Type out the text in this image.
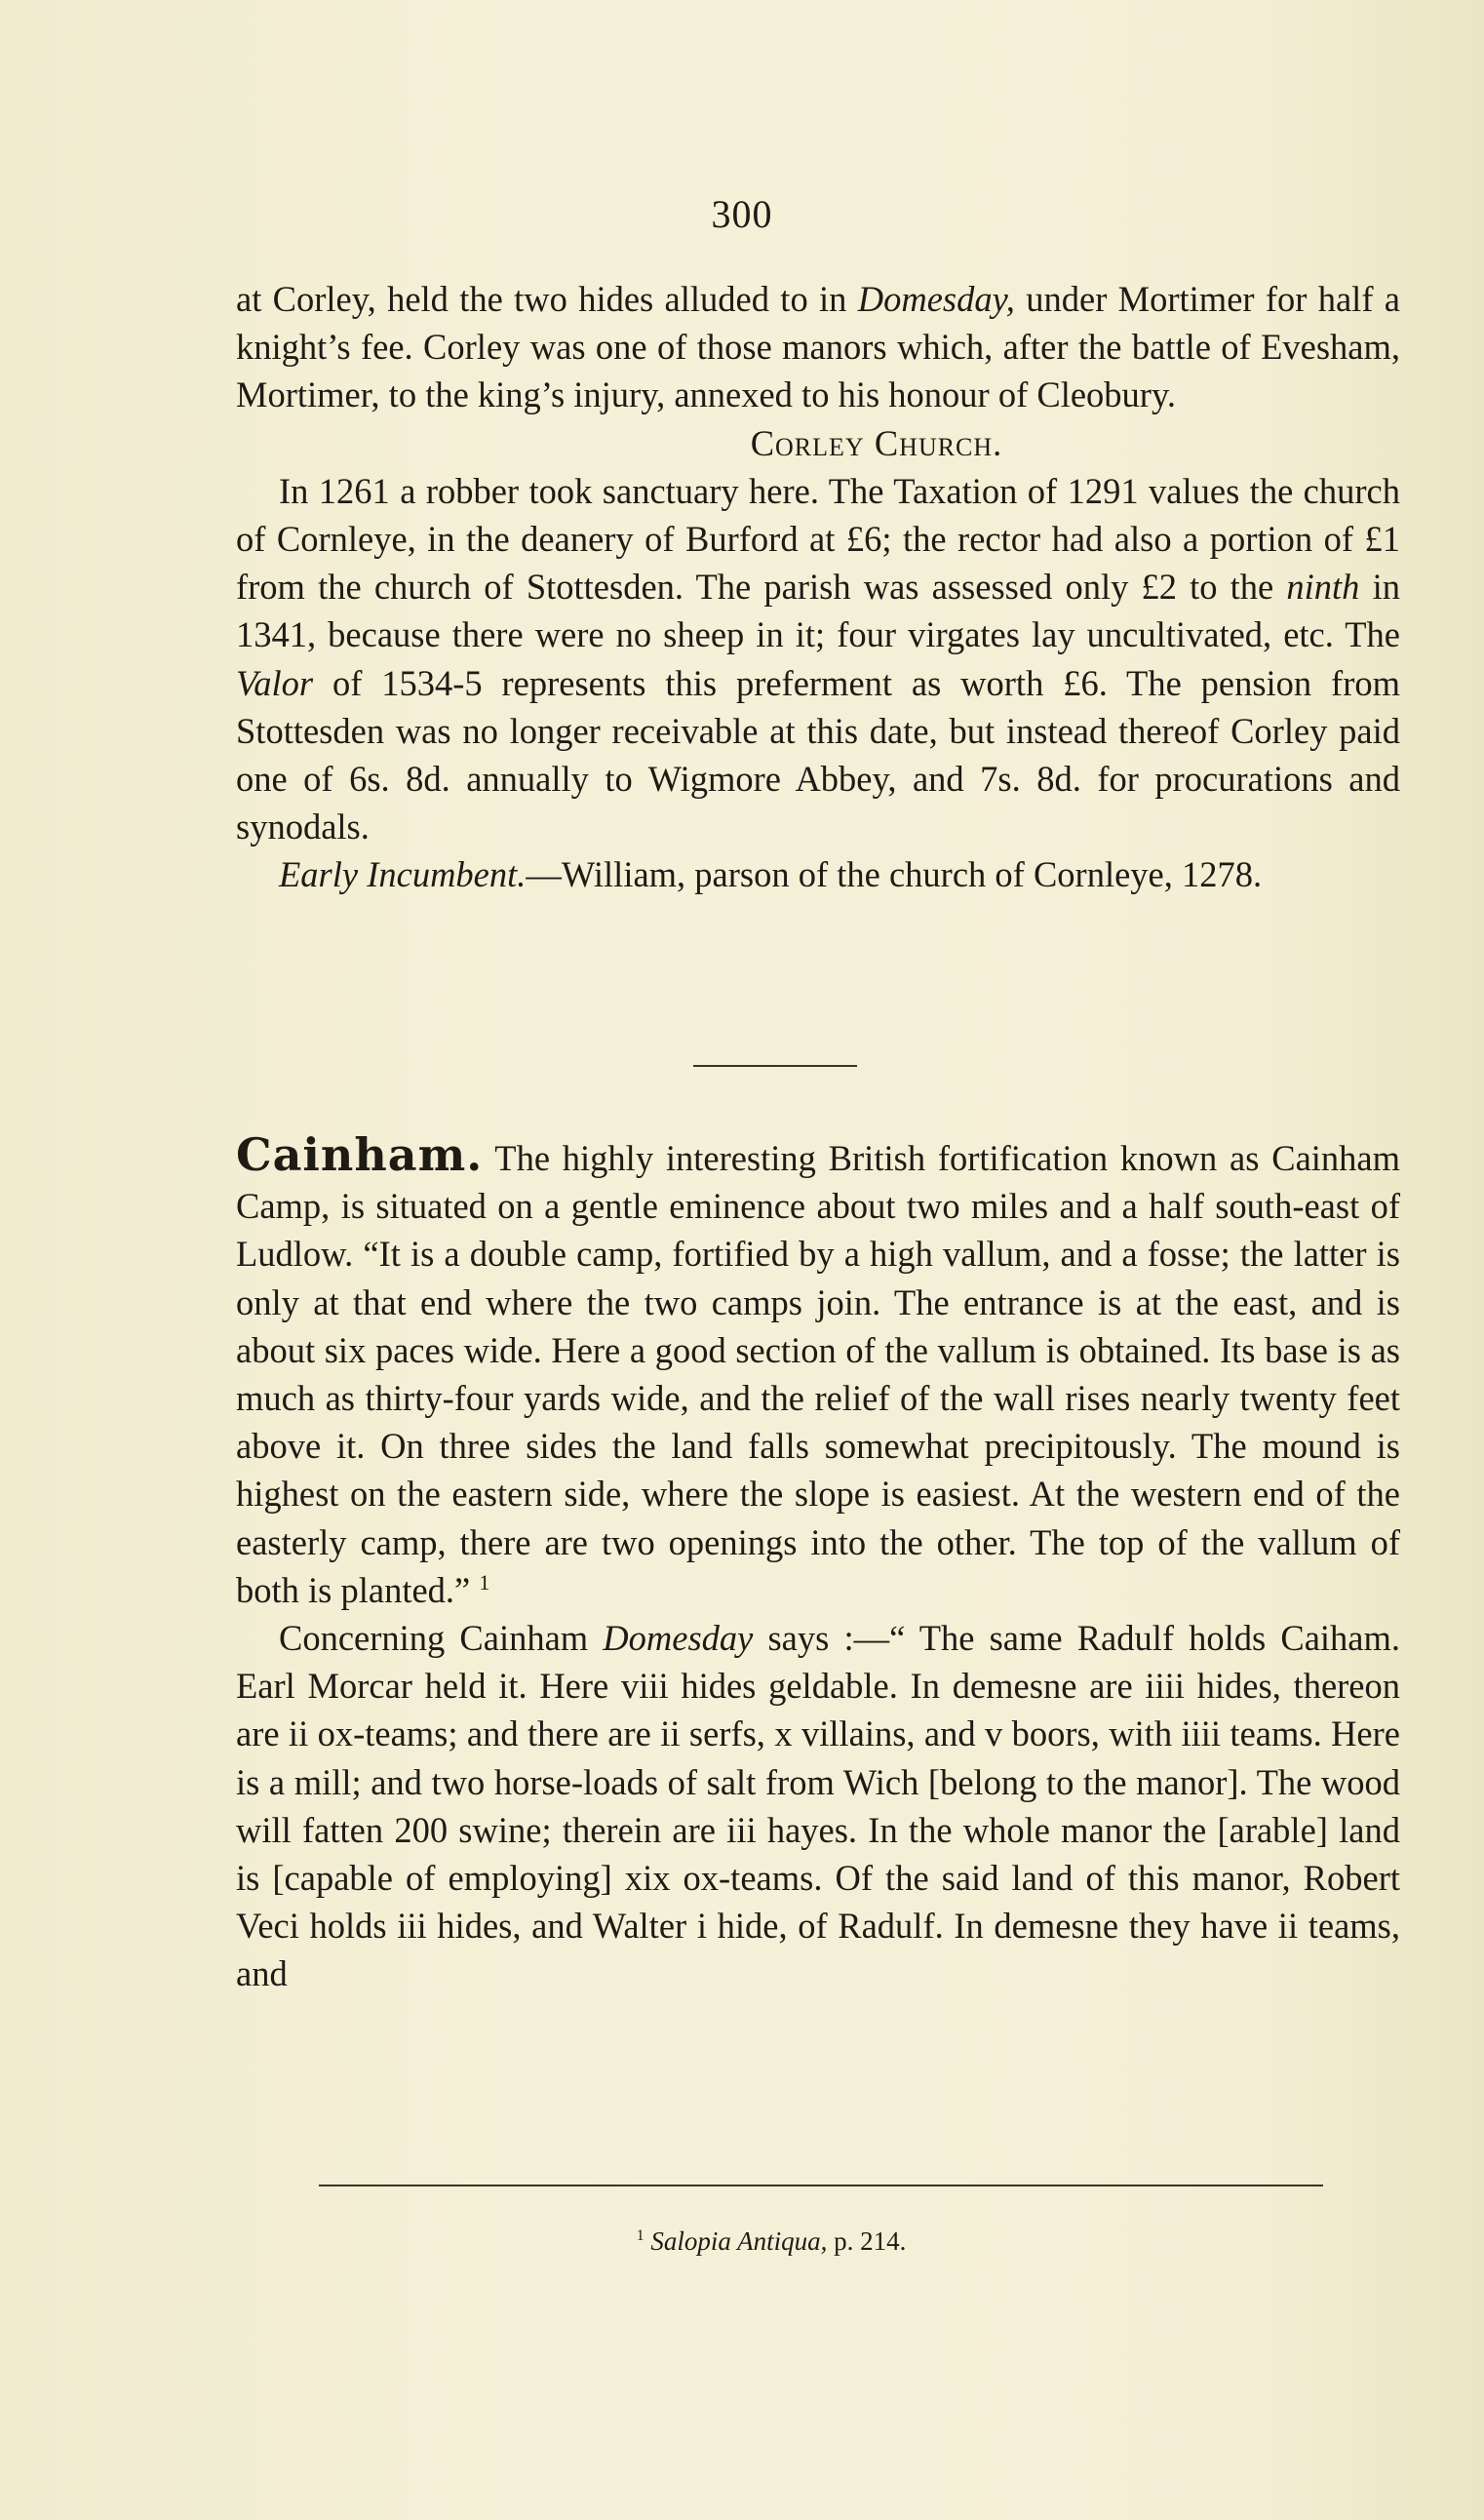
300

at Corley, held the two hides alluded to in Domesday, under Mortimer for half a knight’s fee. Corley was one of those manors which, after the battle of Evesham, Mortimer, to the king’s injury, annexed to his honour of Cleobury.

Corley Church.

In 1261 a robber took sanctuary here. The Taxation of 1291 values the church of Cornleye, in the deanery of Burford at £6; the rector had also a portion of £1 from the church of Stottesden. The parish was assessed only £2 to the ninth in 1341, because there were no sheep in it; four virgates lay uncultivated, etc. The Valor of 1534-5 represents this preferment as worth £6. The pension from Stottesden was no longer receivable at this date, but instead thereof Corley paid one of 6s. 8d. annually to Wigmore Abbey, and 7s. 8d. for procurations and synodals.

Early Incumbent.—William, parson of the church of Cornleye, 1278.

Cainham. The highly interesting British fortification known as Cainham Camp, is situated on a gentle eminence about two miles and a half south-east of Ludlow. “It is a double camp, fortified by a high vallum, and a fosse; the latter is only at that end where the two camps join. The entrance is at the east, and is about six paces wide. Here a good section of the vallum is obtained. Its base is as much as thirty-four yards wide, and the relief of the wall rises nearly twenty feet above it. On three sides the land falls somewhat precipitously. The mound is highest on the eastern side, where the slope is easiest. At the western end of the easterly camp, there are two openings into the other. The top of the vallum of both is planted.” $^1$

Concerning Cainham Domesday says :—“ The same Radulf holds Caiham. Earl Morcar held it. Here viii hides geldable. In demesne are iiii hides, thereon are ii ox-teams; and there are ii serfs, x villains, and v boors, with iiii teams. Here is a mill; and two horse-loads of salt from Wich [belong to the manor]. The wood will fatten 200 swine; therein are iii hayes. In the whole manor the [arable] land is [capable of employing] xix ox-teams. Of the said land of this manor, Robert Veci holds iii hides, and Walter i hide, of Radulf. In demesne they have ii teams, and

$^1$ Salopia Antiqua, p. 214.
